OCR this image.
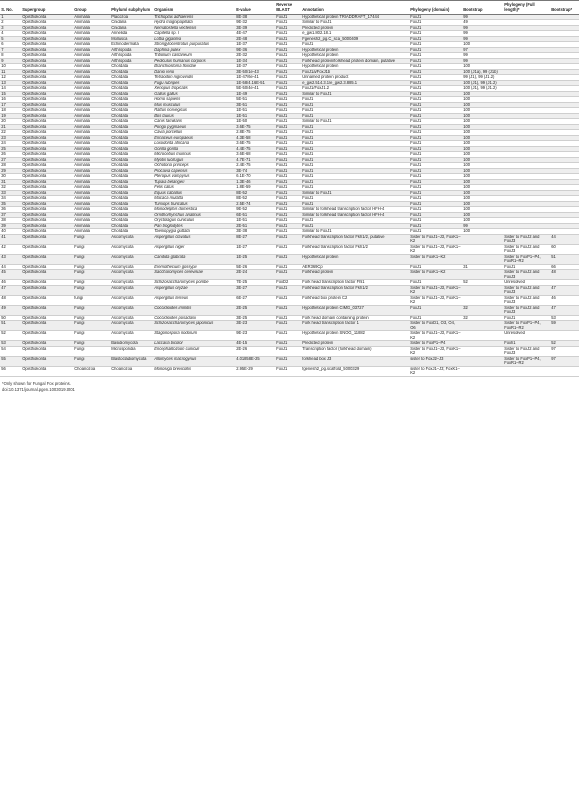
S. No.	Supergroup	Group	Phylum/ subphylum	Organism	E-value	Reverse BLAST	Annotation	Phylogeny (domain)	Bootstrap	Phylogeny (Full length)*	Bootstrap*
1	Opisthokonta	Animalia	Placozoa	Trichoplax adhaerens	8E-38	FoxJ1	Hypothetical protein TRIADDRAFT_17444	FoxJ1	99		
2	Opisthokonta	Animalia	Cnidaria	Hydra magnipapillata	9E-32	FoxJ1	Similar to FoxJ1	FoxJ1	49		
3	Opisthokonta	Animalia	Cnidaria	Nematostella vectensis	3E-39	FoxJ1	Predicted protein	FoxJ1	99		
4	Opisthokonta	Animalia	Annelida	Capitella sp. I	4E-47	FoxJ1	e_gw1.802.18.1	FoxJ1	99		
5	Opisthokonta	Animalia	Mollusca	Lottia gigantea	2E-48	FoxJ1	Fgenesh2_pg.C_sca_5000409	FoxJ1	99		
6	Opisthokonta	Animalia	Echinodermata	Strongylocentrotus purpuratus	1E-37	FoxJ1	FoxJ1	FoxJ1	100		
7	Opisthokonta	Animalia	Arthropoda	Daphnia pulex	9E-36	FoxJ1	Hypothetical protein	FoxJ1	97		
8	Opisthokonta	Animalia	Arthropoda	Tribolium castaneum	2E-32	FoxJ1	Hypothetical protein	FoxJ1	99		
9	Opisthokonta	Animalia	Arthropoda	Pediculus humanus corporis	1E-34	FoxJ1	Forkhead protein/forkhead protein domain, putative	FoxJ1	99		
10	Opisthokonta	Animalia	Chordata	Branchiostoma floridae	1E-37	FoxJ1	Hypothetical protein	FoxJ1	100		
11	Opisthokonta	Animalia	Chordata	Danio rerio	3E-50/1e-43	FoxJ1	FoxJ1a/FoxJ1b	FoxJ1	100 (J1a), 99 (J1b)		
12	Opisthokonta	Animalia	Chordata	Tetraodon nigroviridis	1E-47/6e-41	FoxJ1	Unnamed protein product	FoxJ1	99 (J1), 99 (J1.2)		
13	Opisthokonta	Animalia	Chordata	Fugu rubripes	1E-58/4.16E-51	FoxJ1	e_gw2.514.3.1/e_gw2.3.885.1	FoxJ1	100 (J1), 99 (J1.2)		
14	Opisthokonta	Animalia	Chordata	Xenopus tropicalis	5E-50/4e-41	FoxJ1	FoxJ1/FoxJ1.2	FoxJ1	100 (J1), 99 (J1.2)		
15	Opisthokonta	Animalia	Chordata	Gallus gallus	1E-49	FoxJ1	Similar to FoxJ1	FoxJ1	100		
16	Opisthokonta	Animalia	Chordata	Homo sapiens	5E-51	FoxJ1	FoxJ1	FoxJ1	100		
17	Opisthokonta	Animalia	Chordata	Mus musculus	3E-51	FoxJ1	FoxJ1	FoxJ1	100		
18	Opisthokonta	Animalia	Chordata	Rattus norvegicus	1E-51	FoxJ1	FoxJ1	FoxJ1	100		
19	Opisthokonta	Animalia	Chordata	Bos taurus	1E-51	FoxJ1	FoxJ1	FoxJ1	100		
20	Opisthokonta	Animalia	Chordata	Canis familiaris	1E-50	FoxJ1	Similar to FoxJ1	FoxJ1	100		
21	Opisthokonta	Animalia	Chordata	Pongo pygmaeus	3.6E-75	FoxJ1	FoxJ1	FoxJ1	100		
22	Opisthokonta	Animalia	Chordata	Cavia porcellus	2.8E-75	FoxJ1	FoxJ1	FoxJ1	100		
23	Opisthokonta	Animalia	Chordata	Erinaceus europaeus	4.3E-58	FoxJ1	FoxJ1	FoxJ1	100		
24	Opisthokonta	Animalia	Chordata	Loxodonta africana	3.6E-75	FoxJ1	FoxJ1	FoxJ1	100		
25	Opisthokonta	Animalia	Chordata	Gorilla gorilla	4.4E-75	FoxJ1	FoxJ1	FoxJ1	100		
26	Opisthokonta	Animalia	Chordata	Microcebus murinus	3.6E-68	FoxJ1	FoxJ1	FoxJ1	100		
27	Opisthokonta	Animalia	Chordata	Myotis lucifugus	4.7E-71	FoxJ1	FoxJ1	FoxJ1	100		
28	Opisthokonta	Animalia	Chordata	Ochotona princeps	2.4E-75	FoxJ1	FoxJ1	FoxJ1	100		
29	Opisthokonta	Animalia	Chordata	Procavia capensis	3E-74	FoxJ1	FoxJ1	FoxJ1	100		
30	Opisthokonta	Animalia	Chordata	Pteropus vampyrus	6.1E-70	FoxJ1	FoxJ1	FoxJ1	100		
31	Opisthokonta	Animalia	Chordata	Tupaia belangeri	1.3E-46	FoxJ1	FoxJ1	FoxJ1	100		
32	Opisthokonta	Animalia	Chordata	Felis catus	1.8E-59	FoxJ1	FoxJ1	FoxJ1	100		
33	Opisthokonta	Animalia	Chordata	Equus caballus	8E-52	FoxJ1	Similar to FoxJ1	FoxJ1	100		
34	Opisthokonta	Animalia	Chordata	Macaca mulatta	8E-52	FoxJ1	FoxJ1	FoxJ1	100		
35	Opisthokonta	Animalia	Chordata	Tursiops truncatus	2.5E-74	FoxJ1	FoxJ1	FoxJ1	100		
36	Opisthokonta	Animalia	Chordata	Monodelphis domestica	9E-52	FoxJ1	Similar to forkhead transcription factor HFH-4	FoxJ1	100		
37	Opisthokonta	Animalia	Chordata	Ornithorhynchus anatinus	6E-51	FoxJ1	Similar to forkhead transcription factor HFH-4	FoxJ1	100		
38	Opisthokonta	Animalia	Chordata	Oryctolagus cuniculus	1E-51	FoxJ1	FoxJ1	FoxJ1	100		
39	Opisthokonta	Animalia	Chordata	Pan troglodytes	2E-51	FoxJ1	FoxJ1	FoxJ1	99		
40	Opisthokonta	Animalia	Chordata	Taeniopygia guttata	3E-38	FoxJ1	Similar to FoxJ1	FoxJ1	100		
41	Opisthokonta	Fungi	Ascomycota	Aspergillus clavatus	8E-27	FoxJ1	Forkhead transcription factor Fkh1/2, putative	Sister to FoxJ1–J3, FoxK1–K2		Sister to FoxJ2 and FoxJ3	44
42	Opisthokonta	Fungi	Ascomycota	Aspergillus niger	1E-27	FoxJ1	Forkhead transcription factor Fkh1/2	Sister to FoxJ1–J3, FoxK1–K2		Sister to FoxJ2 and FoxJ3	60
43	Opisthokonta	Fungi	Ascomycota	Candida glabrata	1E-25	FoxJ1	Hypothetical protein	Sister to FoxK1–K2		Sister to FoxP1–P4, FoxR1–R2	51
44	Opisthokonta	Fungi	Ascomycota	Eremothecium gossypii	5E-26	FoxJ1	AER369Cp	FoxJ1	31	FoxJ1	66
45	Opisthokonta	Fungi	Ascomycota	Saccharomyces cerevisiae	2E-24	FoxJ1	Forkhead protein	Sister to FoxK1–K2		Sister to FoxJ2 and FoxJ3	48
46	Opisthokonta	Fungi	Ascomycota	Schizosaccharomyces pombe	7E-25	FoxD2	Fork head transcription factor Fhl1	FoxJ1	52	Unresolved	
47	Opisthokonta	Fungi	Ascomycota	Aspergillus oryzae	3E-27	FoxJ1	Forkhead transcription factor Fkh1/2	Sister to FoxJ1–J3, FoxK1–K2		Sister to FoxJ2 and FoxJ3	47
48	Opisthokonta	fungi	Ascomycota	Aspergillus terreus	6E-27	FoxJ1	Forkhead box protein C2	Sister to FoxJ1–J3, FoxK1–K2		Sister to FoxJ2 and FoxJ3	46
49	Opisthokonta	Fungi	Ascomycota	Coccidioides immitis	2E-25	FoxJ1	Hypothetical protein CIMG_03727	FoxJ1	32	Sister to FoxJ2 and FoxJ3	47
50	Opisthokonta	Fungi	Ascomycota	Coccidioides posadasii	3E-25	FoxJ1	Fork head domain containing protein	FoxJ1	32	FoxJ1	53
51	Opisthokonta	Fungi	Ascomycota	Schizosaccharomyces japonicus	3E-23	FoxJ1	Fork head transcription factor 1	Sister to FoxD1, O3, O4, O6		Sister to FoxP1–P4, FoxR1–R2	59
52	Opisthokonta	Fungi	Ascomycota	Stagonospora nodorum	9E-23	FoxJ1	Hypothetical protein SNOG_11882	Sister to FoxJ1–J3, FoxK1–K2		Unresolved	
53	Opisthokonta	Fungi	Basidiomycota	Laccaria bicolor	4E-15	FoxJ1	Predicted protein	Sister to FoxP1–P4		Foxh1	52
54	Opisthokonta	Fungi	Microsporidia	Encephalitozoon cuniculi	2E-26	FoxJ1	Transcription factor (forkhead domain)	Sister to FoxJ1–J3, FoxK1–K2		Sister to FoxJ2 and FoxJ3	97
55	Opisthokonta	Fungi	Blastocladiomycota	Allomyces macrogynus	4.01858E-25	FoxJ1	forkhead box J3	sister to FoxJ2–J3		Sister to FoxP1–P4, FoxR1–R2	97
56	Opisthokonta	Choanozoa	Choanozoa	Monosiga brevicollis	2.95E-29	FoxJ1	fgenesh2_pg.scaffold_5000329	sister to FoxJ1–J3; FoxK1–K2			
*Only shown for Fungal Fox proteins.
doi:10.1371/journal.pgen.1003019.t001
